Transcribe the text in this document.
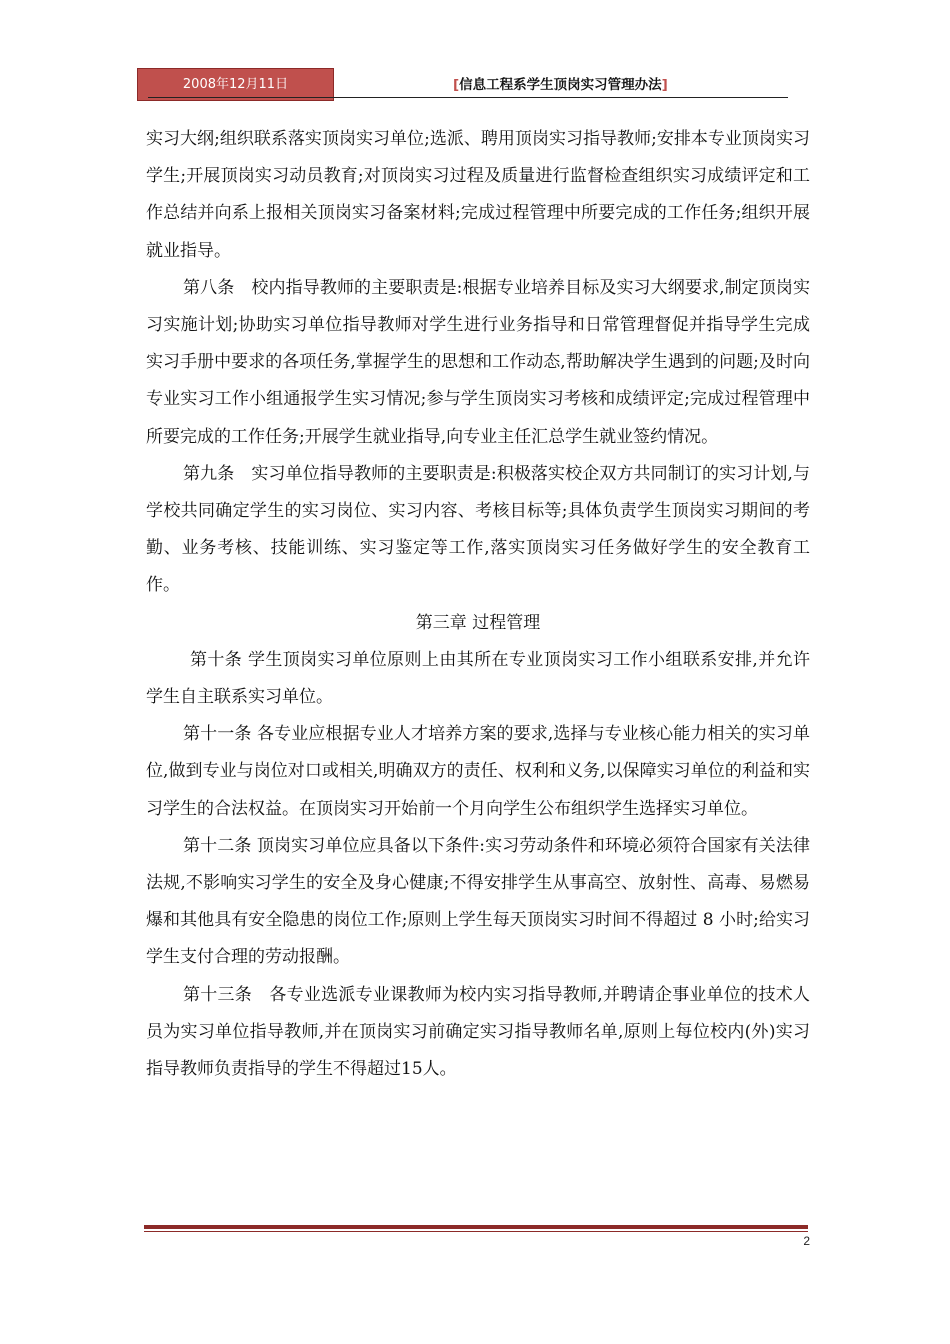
2008年12月11日	[信息工程系学生顶岗实习管理办法]

实习大纲;组织联系落实顶岗实习单位;选派、聘用顶岗实习指导教师;安排本专业顶岗实习学生;开展顶岗实习动员教育;对顶岗实习过程及质量进行监督检查组织实习成绩评定和工作总结并向系上报相关顶岗实习备案材料;完成过程管理中所要完成的工作任务;组织开展就业指导。

第八条　校内指导教师的主要职责是:根据专业培养目标及实习大纲要求,制定顶岗实习实施计划;协助实习单位指导教师对学生进行业务指导和日常管理督促并指导学生完成实习手册中要求的各项任务,掌握学生的思想和工作动态,帮助解决学生遇到的问题;及时向专业实习工作小组通报学生实习情况;参与学生顶岗实习考核和成绩评定;完成过程管理中所要完成的工作任务;开展学生就业指导,向专业主任汇总学生就业签约情况。

第九条　实习单位指导教师的主要职责是:积极落实校企双方共同制订的实习计划,与学校共同确定学生的实习岗位、实习内容、考核目标等;具体负责学生顶岗实习期间的考勤、业务考核、技能训练、实习鉴定等工作,落实顶岗实习任务做好学生的安全教育工作。

第三章 过程管理

第十条 学生顶岗实习单位原则上由其所在专业顶岗实习工作小组联系安排,并允许学生自主联系实习单位。

第十一条 各专业应根据专业人才培养方案的要求,选择与专业核心能力相关的实习单位,做到专业与岗位对口或相关,明确双方的责任、权利和义务,以保障实习单位的利益和实习学生的合法权益。在顶岗实习开始前一个月向学生公布组织学生选择实习单位。

第十二条 顶岗实习单位应具备以下条件:实习劳动条件和环境必须符合国家有关法律法规,不影响实习学生的安全及身心健康;不得安排学生从事高空、放射性、高毒、易燃易爆和其他具有安全隐患的岗位工作;原则上学生每天顶岗实习时间不得超过 8 小时;给实习学生支付合理的劳动报酬。

第十三条　各专业选派专业课教师为校内实习指导教师,并聘请企事业单位的技术人员为实习单位指导教师,并在顶岗实习前确定实习指导教师名单,原则上每位校内(外)实习指导教师负责指导的学生不得超过15人。

2
